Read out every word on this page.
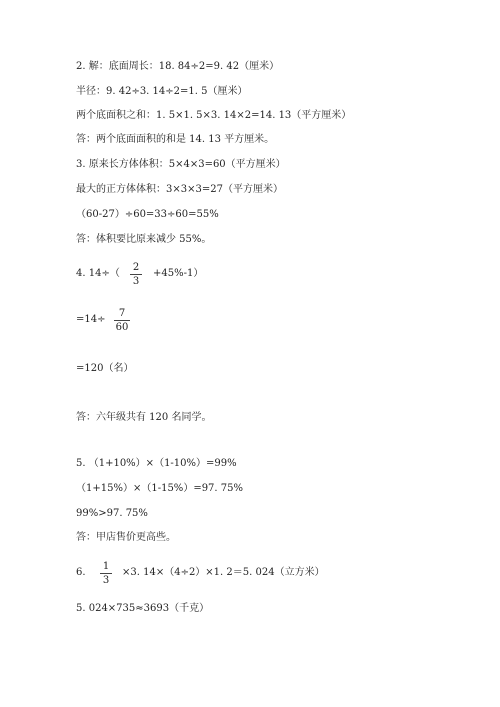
2. 解：底面周长：18. 84÷2=9. 42（厘米）
半径：9. 42÷3. 14÷2=1. 5（厘米）
两个底面积之和：1. 5×1. 5×3. 14×2=14. 13（平方厘米）
答：两个底面面积的和是 14. 13 平方厘米。
3. 原来长方体体积：5×4×3=60（平方厘米）
最大的正方体体积：3×3×3=27（平方厘米）
（60-27）÷60=33÷60=55%
答：体积要比原来减少 55%。
4. 14÷（
2
3
+45%-1）
=14÷
7
60
=120（名）
答：六年级共有 120 名同学。
5. （1+10%）×（1-10%）=99%
（1+15%）×（1-15%）=97. 75%
99%>97. 75%
答：甲店售价更高些。
6.
1
3
×3. 14×（4÷2）×1. 2＝5. 024（立方米）
5. 024×735≈3693（千克）
